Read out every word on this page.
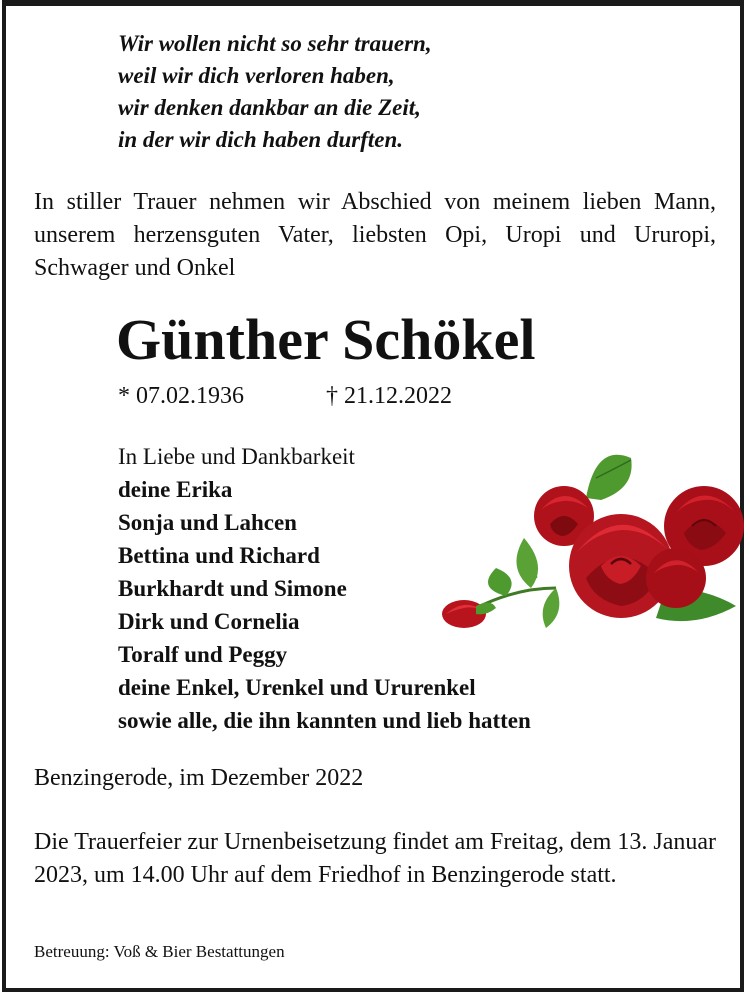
Wir wollen nicht so sehr trauern,
weil wir dich verloren haben,
wir denken dankbar an die Zeit,
in der wir dich haben durften.
In stiller Trauer nehmen wir Abschied von meinem lieben Mann, unserem herzensguten Vater, liebsten Opi, Uropi und Ururopi, Schwager und Onkel
Günther Schökel
* 07.02.1936	† 21.12.2022
In Liebe und Dankbarkeit
deine Erika
Sonja und Lahcen
Bettina und Richard
Burkhardt und Simone
Dirk und Cornelia
Toralf und Peggy
deine Enkel, Urenkel und Ururenkel
sowie alle, die ihn kannten und lieb hatten
Benzingerode, im Dezember 2022
Die Trauerfeier zur Urnenbeisetzung findet am Freitag, dem 13. Januar 2023, um 14.00 Uhr auf dem Friedhof in Benzingerode statt.
Betreuung: Voß & Bier Bestattungen
